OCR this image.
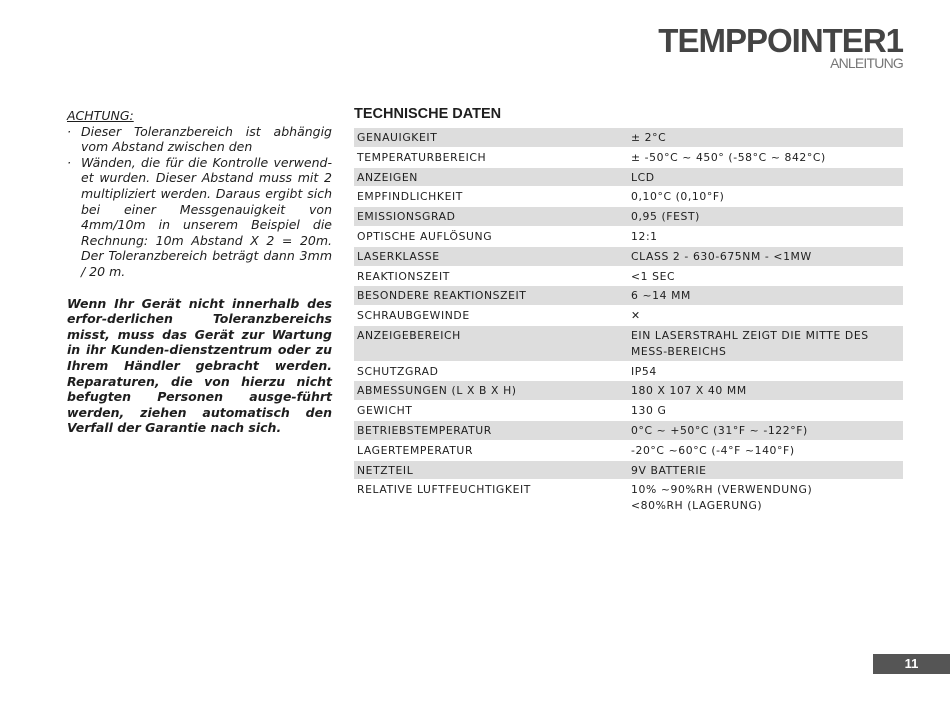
TEMPPOINTER1
ANLEITUNG

ACHTUNG:

· Dieser Toleranzbereich ist abhängig vom Abstand zwischen den
· Wänden, die für die Kontrolle verwend-et wurden. Dieser Abstand muss mit 2 multipliziert werden. Daraus ergibt sich bei einer Messgenauigkeit von 4mm/10m in unserem Beispiel die Rechnung: 10m Abstand X 2 = 20m. Der Toleranzbereich beträgt dann 3mm / 20 m.

Wenn Ihr Gerät nicht innerhalb des erfor-derlichen Toleranzbereichs misst, muss das Gerät zur Wartung in ihr Kunden-dienstzentrum oder zu Ihrem Händler gebracht werden. Reparaturen, die von hierzu nicht befugten Personen ausge-führt werden, ziehen automatisch den Verfall der Garantie nach sich.

TECHNISCHE DATEN

GENAUIGKEIT	± 2°C
TEMPERATURBEREICH	± -50°C ~ 450° (-58°C ~ 842°C)
ANZEIGEN	LCD
EMPFINDLICHKEIT	0,10°C (0,10°F)
EMISSIONSGRAD	0,95 (FEST)
OPTISCHE AUFLÖSUNG	12:1
LASERKLASSE	CLASS 2 - 630-675NM - <1MW
REAKTIONSZEIT	<1 SEC
BESONDERE REAKTIONSZEIT	6 ~14 ΜM
SCHRAUBGEWINDE	✕
ANZEIGEBEREICH	EIN LASERSTRAHL ZEIGT DIE MITTE DES MESS-BEREICHS
SCHUTZGRAD	IP54
ABMESSUNGEN (L X B X H)	180 X 107 X 40 MM
GEWICHT	130 G
BETRIEBSTEMPERATUR	0°C ~ +50°C (31°F ~ -122°F)
LAGERTEMPERATUR	-20°C ~60°C (-4°F ~140°F)
NETZTEIL	9V BATTERIE
RELATIVE LUFTFEUCHTIGKEIT	10% ~90%RH (VERWENDUNG)
<80%RH (LAGERUNG)
11
